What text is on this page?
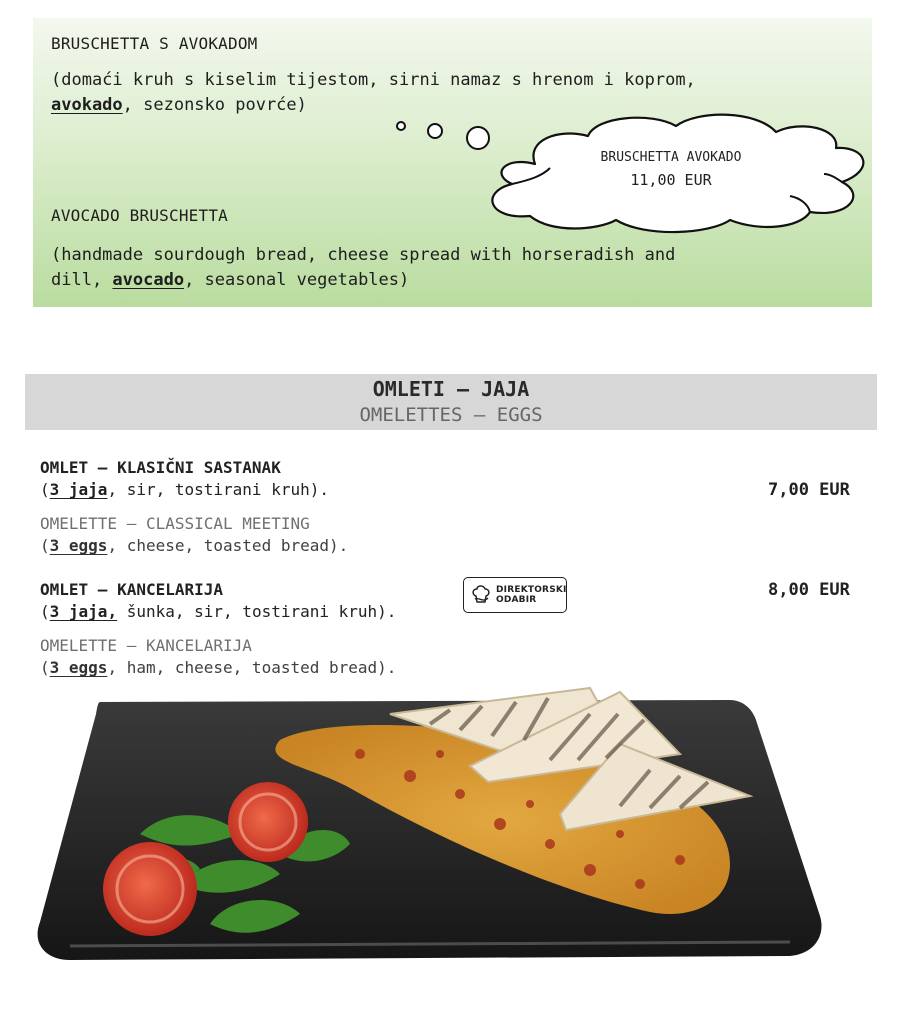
BRUSCHETTA S AVOKADOM
(domaći kruh s kiselim tijestom, sirni namaz s hrenom i koprom,
avokado, sezonsko povrće)
AVOCADO BRUSCHETTA
(handmade sourdough bread, cheese spread with horseradish and
dill, avocado, seasonal vegetables)
BRUSCHETTA AVOKADO
11,00 EUR
OMLETI – JAJA
OMELETTES – EGGS
OMLET – KLASIČNI SASTANAK
(3 jaja, sir, tostirani kruh).	7,00 EUR
OMELETTE — CLASSICAL MEETING
(3 eggs, cheese, toasted bread).
OMLET – KANCELARIJA
(3 jaja, šunka, sir, tostirani kruh).
8,00 EUR
DIREKTORSKI
ODABIR
OMELETTE — KANCELARIJA
(3 eggs, ham, cheese, toasted bread).
